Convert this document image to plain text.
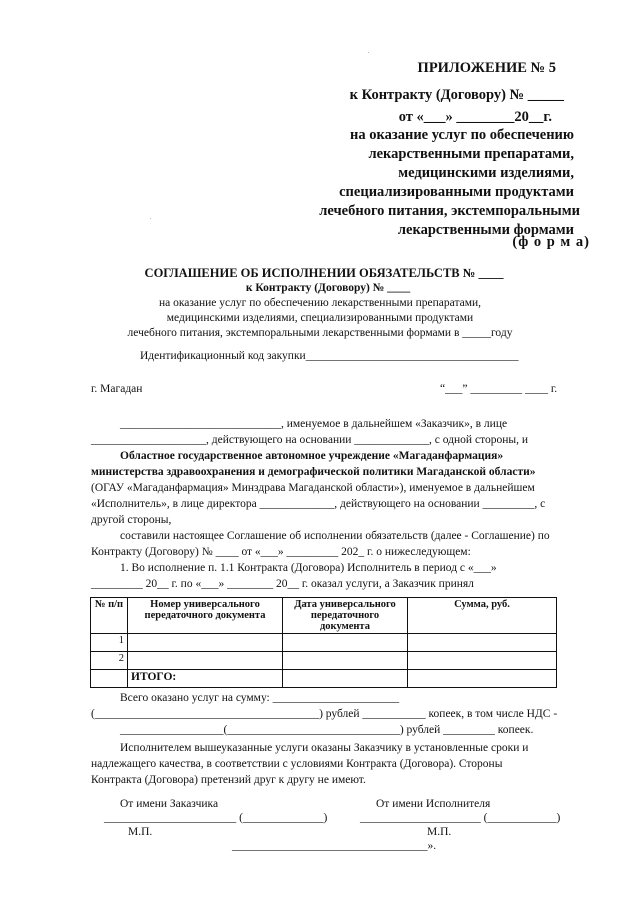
ПРИЛОЖЕНИЕ № 5
к Контракту (Договору) № _____
от «___» ________20__г.
на оказание услуг по обеспечению
лекарственными препаратами,
медицинскими изделиями,
специализированными продуктами
лечебного питания, экстемпоральными
лекарственными формами
(ф о р м а)
СОГЛАШЕНИЕ ОБ ИСПОЛНЕНИИ ОБЯЗАТЕЛЬСТВ № ____
к Контракту (Договору) № ____
на оказание услуг по обеспечению лекарственными препаратами,
медицинскими изделиями, специализированными продуктами
лечебного питания, экстемпоральными лекарственными формами в _____году
Идентификационный код закупки_____________________________________
г. Магадан	“___” _________ ____ г.
____________________________, именуемое в дальнейшем «Заказчик», в лице
____________________, действующего на основании _____________, с одной стороны, и
Областное государственное автономное учреждение «Магаданфармация»
министерства здравоохранения и демографической политики Магаданской области»
(ОГАУ «Магаданфармация» Минздрава Магаданской области»), именуемое в дальнейшем
«Исполнитель», в лице директора _____________, действующего на основании _________, с
другой стороны,
составили настоящее Соглашение об исполнении обязательств (далее - Соглашение) по
Контракту (Договору) № ____ от «___» _________ 202_ г. о нижеследующем:
1. Во исполнение п. 1.1 Контракта (Договора) Исполнитель в период с «___»
_________ 20__ г. по «___» ________ 20__ г. оказал услуги, а Заказчик принял
№ п/п	Номер универсального передаточного документа	Дата универсального передаточного документа	Сумма, руб.
1			
2			
	ИТОГО:		
Всего оказано услуг на сумму: ______________________
(_______________________________________) рублей ___________ копеек, в том числе НДС -
__________________(______________________________) рублей _________ копеек.
Исполнителем вышеуказанные услуги оказаны Заказчику в установленные сроки и
надлежащего качества, в соответствии с условиями Контракта (Договора). Стороны
Контракта (Договора) претензий друг к другу не имеют.
От имени Заказчика	От имени Исполнителя
_______________________ (______________)	_____________________ (____________)
М.П.	М.П.
__________________________________».
